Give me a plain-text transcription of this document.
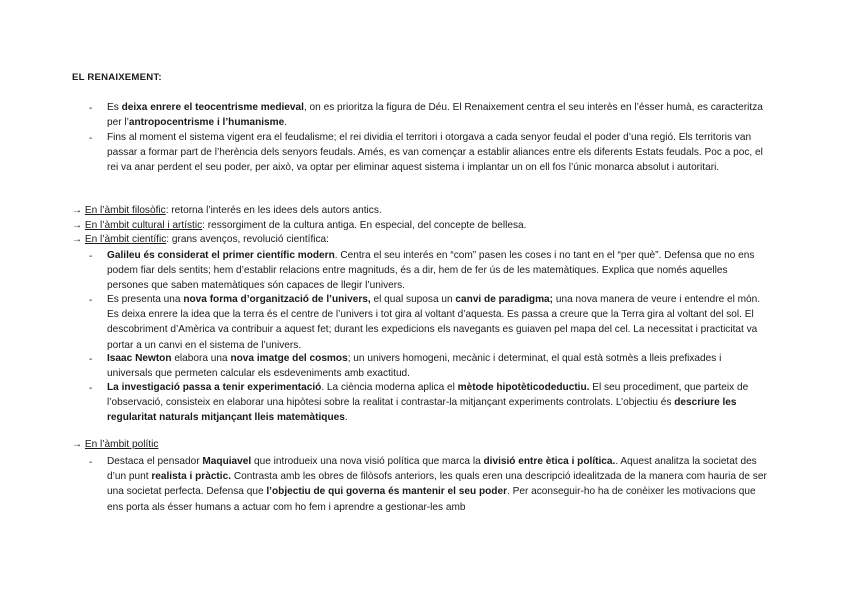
EL RENAIXEMENT:
- Es deixa enrere el teocentrisme medieval, on es prioritza la figura de Déu. El Renaixement centra el seu interès en l’ésser humà, es caracteritza per l’antropocentrisme i l’humanisme.
- Fins al moment el sistema vigent era el feudalisme; el rei dividia el territori i otorgava a cada senyor feudal el poder d’una regió. Els territoris van passar a formar part de l’herència dels senyors feudals. Amés, es van començar a establir aliances entre els diferents Estats feudals. Poc a poc, el rei va anar perdent el seu poder, per això, va optar per eliminar aquest sistema i implantar un on ell fos l’únic monarca absolut i autoritari.
→ En l’àmbit filosòfic: retorna l’interés en les idees dels autors antics.
→ En l’àmbit cultural i artístic: ressorgiment de la cultura antiga. En especial, del concepte de bellesa.
→ En l’àmbit científic: grans avenços, revolució científica:
- Galileu és considerat el primer científic modern. Centra el seu interés en “com” pasen les coses i no tant en el “per què”. Defensa que no ens podem fiar dels sentits; hem d’establir relacions entre magnituds, és a dir, hem de fer ús de les matemàtiques. Explica que només aquelles persones que saben matemàtiques són capaces de llegir l’univers.
- Es presenta una nova forma d’organització de l’univers, el qual suposa un canvi de paradigma; una nova manera de veure i entendre el món. Es deixa enrere la idea que la terra és el centre de l’univers i tot gira al voltant d’aquesta. Es passa a creure que la Terra gira al voltant del sol. El descobriment d’Amèrica va contribuir a aquest fet; durant les expedicions els navegants es guiaven pel mapa del cel. La necessitat i practicitat va portar a un canvi en el sistema de l’univers.
- Isaac Newton elabora una nova imatge del cosmos; un univers homogeni, mecànic i determinat, el qual està sotmès a lleis prefixades i universals que permeten calcular els esdeveniments amb exactitud.
- La investigació passa a tenir experimentació. La ciència moderna aplica el mètode hipotèticodeductiu. El seu procediment, que parteix de l’observació, consisteix en elaborar una hipòtesi sobre la realitat i contrastar-la mitjançant experiments controlats. L’objectiu és descriure les regularitat naturals mitjançant lleis matemàtiques.
→ En l’àmbit polític
- Destaca el pensador Maquiavel que introdueix una nova visió política que marca la divisió entre ètica i política.. Aquest analitza la societat des d’un punt realista i pràctic. Contrasta amb les obres de filòsofs anteriors, les quals eren una descripció idealitzada de la manera com hauria de ser una societat perfecta. Defensa que l’objectiu de qui governa és mantenir el seu poder. Per aconseguir-ho ha de conèixer les motivacions que ens porta als ésser humans a actuar com ho fem i aprendre a gestionar-les amb
